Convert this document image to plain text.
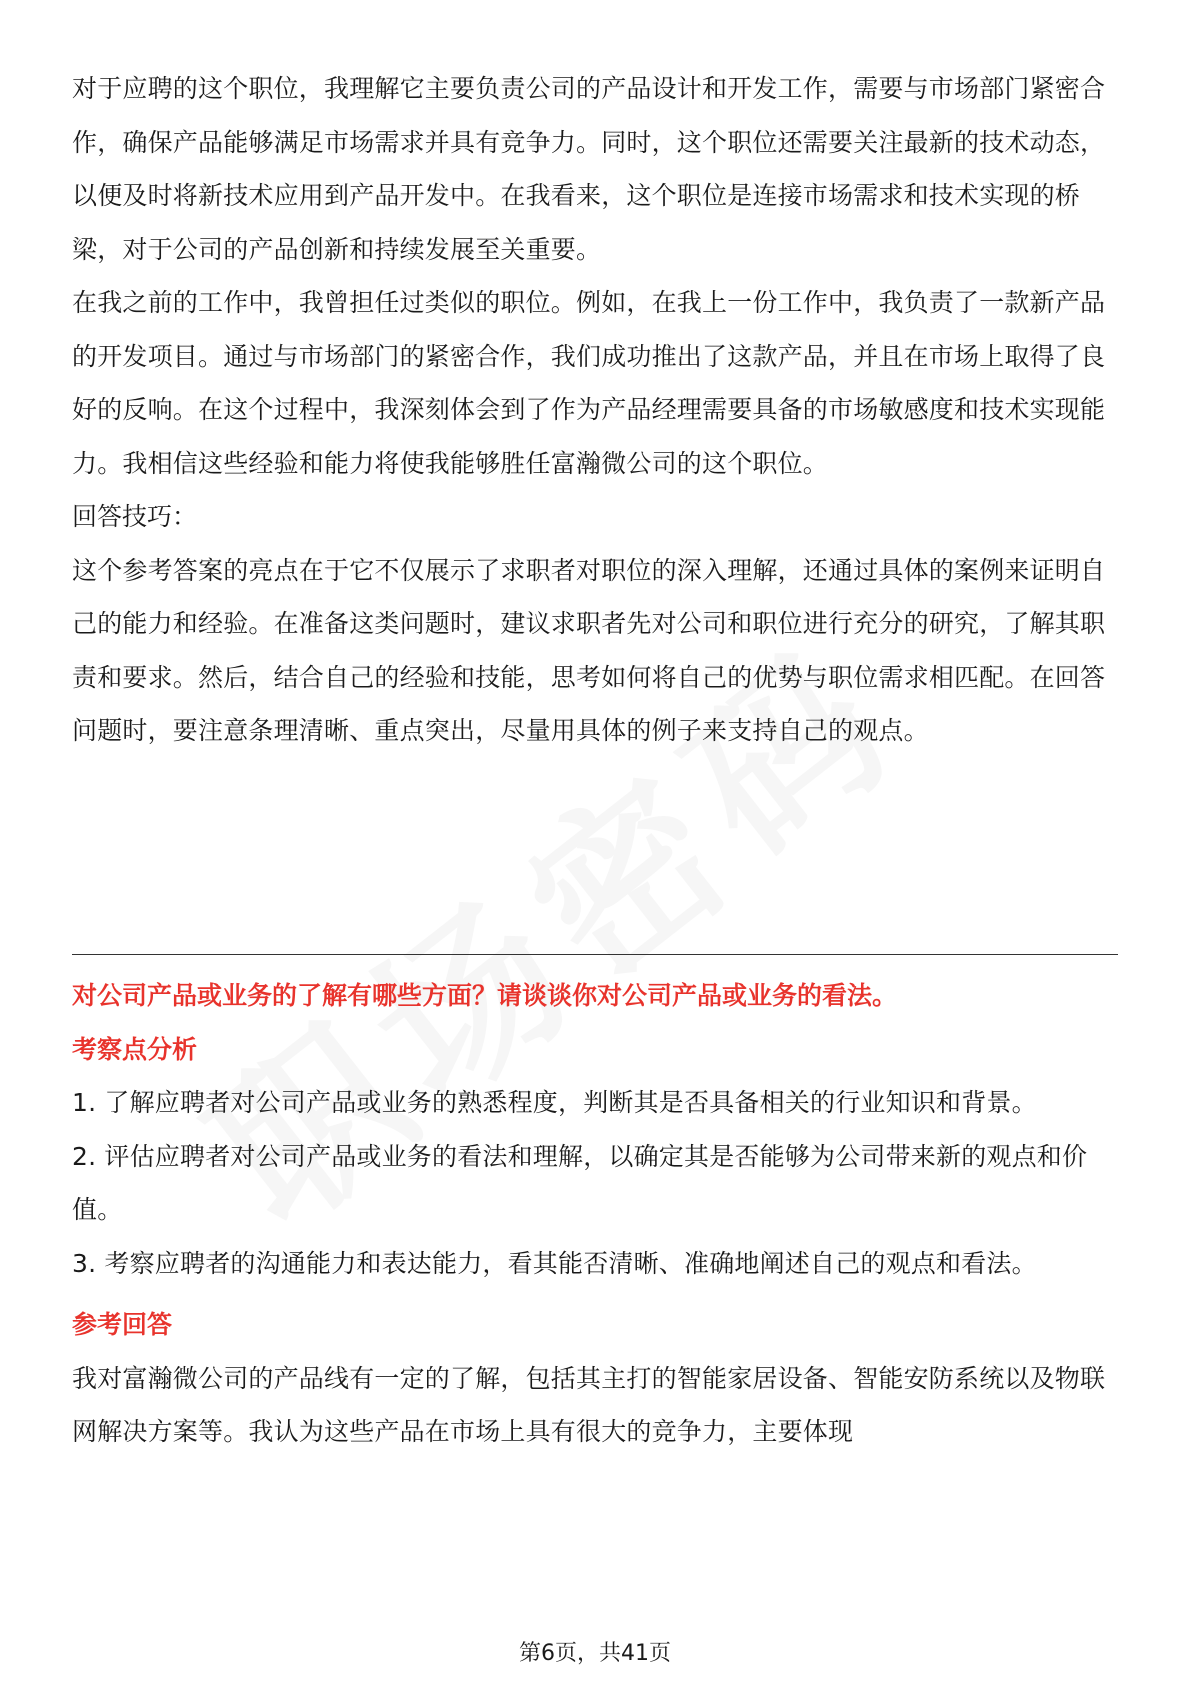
对于应聘的这个职位，我理解它主要负责公司的产品设计和开发工作，需要与市场部门紧密合作，确保产品能够满足市场需求并具有竞争力。同时，这个职位还需要关注最新的技术动态，以便及时将新技术应用到产品开发中。在我看来，这个职位是连接市场需求和技术实现的桥梁，对于公司的产品创新和持续发展至关重要。

在我之前的工作中，我曾担任过类似的职位。例如，在我上一份工作中，我负责了一款新产品的开发项目。通过与市场部门的紧密合作，我们成功推出了这款产品，并且在市场上取得了良好的反响。在这个过程中，我深刻体会到了作为产品经理需要具备的市场敏感度和技术实现能力。我相信这些经验和能力将使我能够胜任富瀚微公司的这个职位。

回答技巧：

这个参考答案的亮点在于它不仅展示了求职者对职位的深入理解，还通过具体的案例来证明自己的能力和经验。在准备这类问题时，建议求职者先对公司和职位进行充分的研究，了解其职责和要求。然后，结合自己的经验和技能，思考如何将自己的优势与职位需求相匹配。在回答问题时，要注意条理清晰、重点突出，尽量用具体的例子来支持自己的观点。

对公司产品或业务的了解有哪些方面？请谈谈你对公司产品或业务的看法。

考察点分析

1. 了解应聘者对公司产品或业务的熟悉程度，判断其是否具备相关的行业知识和背景。

2. 评估应聘者对公司产品或业务的看法和理解，以确定其是否能够为公司带来新的观点和价值。

3. 考察应聘者的沟通能力和表达能力，看其能否清晰、准确地阐述自己的观点和看法。

参考回答

我对富瀚微公司的产品线有一定的了解，包括其主打的智能家居设备、智能安防系统以及物联网解决方案等。我认为这些产品在市场上具有很大的竞争力，主要体现

第6页，共41页
